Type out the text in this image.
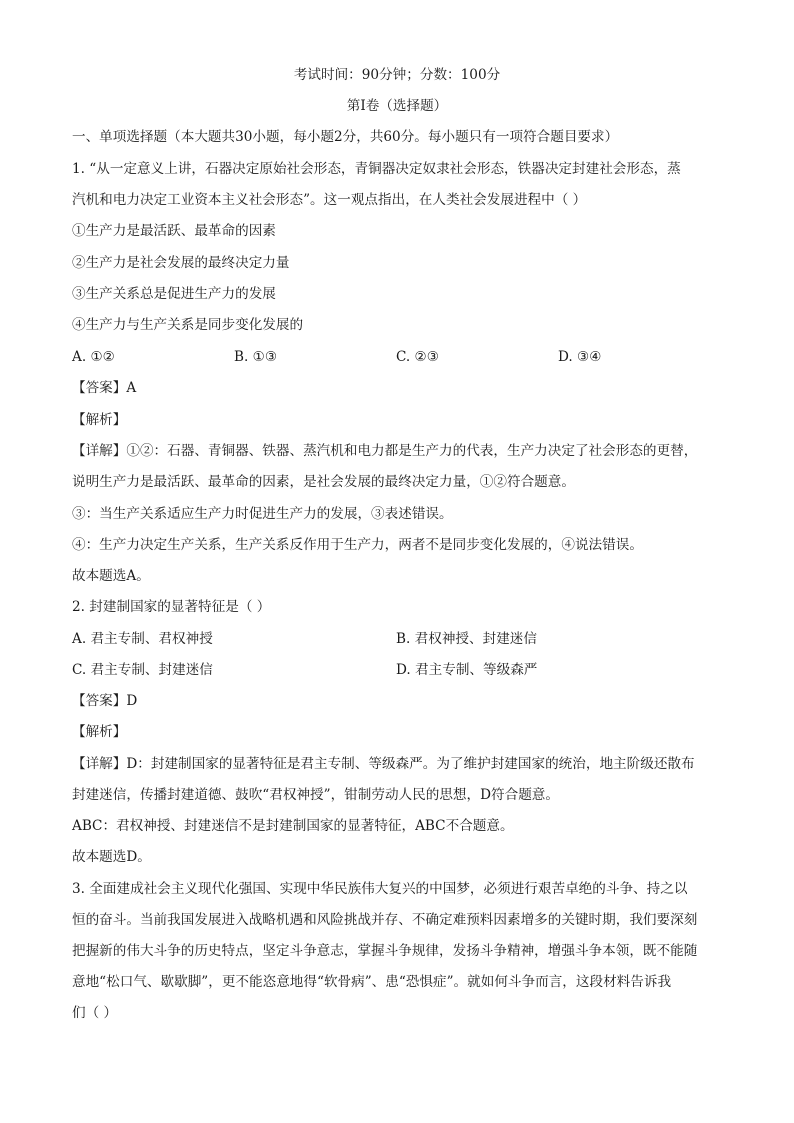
考试时间：90分钟；分数：100分
第Ⅰ卷（选择题）
一、单项选择题（本大题共30小题，每小题2分，共60分。每小题只有一项符合题目要求）
1. “从一定意义上讲，石器决定原始社会形态，青铜器决定奴隶社会形态，铁器决定封建社会形态，蒸
汽机和电力决定工业资本主义社会形态”。这一观点指出，在人类社会发展进程中（ ）
①生产力是最活跃、最革命的因素
②生产力是社会发展的最终决定力量
③生产关系总是促进生产力的发展
④生产力与生产关系是同步变化发展的
A. ①②	B. ①③	C. ②③	D. ③④
【答案】A
【解析】
【详解】①②：石器、青铜器、铁器、蒸汽机和电力都是生产力的代表，生产力决定了社会形态的更替，
说明生产力是最活跃、最革命的因素，是社会发展的最终决定力量，①②符合题意。
③：当生产关系适应生产力时促进生产力的发展，③表述错误。
④：生产力决定生产关系，生产关系反作用于生产力，两者不是同步变化发展的，④说法错误。
故本题选A。
2. 封建制国家的显著特征是（ ）
A. 君主专制、君权神授	B. 君权神授、封建迷信
C. 君主专制、封建迷信	D. 君主专制、等级森严
【答案】D
【解析】
【详解】D：封建制国家的显著特征是君主专制、等级森严。为了维护封建国家的统治，地主阶级还散布
封建迷信，传播封建道德、鼓吹“君权神授”，钳制劳动人民的思想，D符合题意。
ABC：君权神授、封建迷信不是封建制国家的显著特征，ABC不合题意。
故本题选D。
3. 全面建成社会主义现代化强国、实现中华民族伟大复兴的中国梦，必须进行艰苦卓绝的斗争、持之以
恒的奋斗。当前我国发展进入战略机遇和风险挑战并存、不确定难预料因素增多的关键时期，我们要深刻
把握新的伟大斗争的历史特点，坚定斗争意志，掌握斗争规律，发扬斗争精神，增强斗争本领，既不能随
意地“松口气、歇歇脚”，更不能恣意地得“软骨病”、患“恐惧症”。就如何斗争而言，这段材料告诉我
们（ ）
